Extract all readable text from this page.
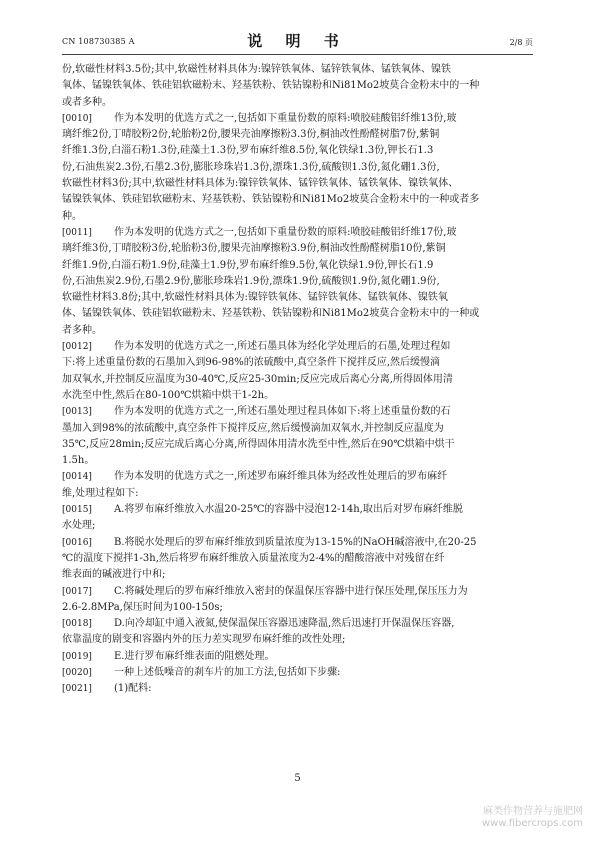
CN 108730385 A	说 明 书	2/8 页
份,软磁性材料3.5份;其中,软磁性材料具体为:镍锌铁氧体、锰锌铁氧体、锰铁氧体、镍铁
氧体、锰镍铁氧体、铁硅铝软磁粉末、羟基铁粉、铁钴镍粉和Ni81Mo2坡莫合金粉末中的一种
或者多种。
[0010]	作为本发明的优选方式之一,包括如下重量份数的原料:喷胶硅酸铝纤维13份,玻
璃纤维2份,丁晴胶粉2份,轮胎粉2份,腰果壳油摩擦粉3.3份,桐油改性酚醛树脂7份,紫铜
纤维1.3份,白淄石粉1.3份,硅藻土1.3份,罗布麻纤维8.5份,氧化铁绿1.3份,钾长石1.3
份,石油焦炭2.3份,石墨2.3份,膨胀珍珠岩1.3份,漂珠1.3份,硫酸钡1.3份,氮化硼1.3份,
软磁性材料3份;其中,软磁性材料具体为:镍锌铁氧体、锰锌铁氧体、锰铁氧体、镍铁氧体、
锰镍铁氧体、铁硅铝软磁粉末、羟基铁粉、铁钴镍粉和Ni81Mo2坡莫合金粉末中的一种或者多
种。
[0011]	作为本发明的优选方式之一,包括如下重量份数的原料:喷胶硅酸铝纤维17份,玻
璃纤维3份,丁晴胶粉3份,轮胎粉3份,腰果壳油摩擦粉3.9份,桐油改性酚醛树脂10份,紫铜
纤维1.9份,白淄石粉1.9份,硅藻土1.9份,罗布麻纤维9.5份,氧化铁绿1.9份,钾长石1.9
份,石油焦炭2.9份,石墨2.9份,膨胀珍珠岩1.9份,漂珠1.9份,硫酸钡1.9份,氮化硼1.9份,
软磁性材料3.8份;其中,软磁性材料具体为:镍锌铁氧体、锰锌铁氧体、锰铁氧体、镍铁氧
体、锰镍铁氧体、铁硅铝软磁粉末、羟基铁粉、铁钴镍粉和Ni81Mo2坡莫合金粉末中的一种或
者多种。
[0012]	作为本发明的优选方式之一,所述石墨具体为经化学处理后的石墨,处理过程如
下:将上述重量份数的石墨加入到96-98%的浓硫酸中,真空条件下搅拌反应,然后缓慢滴
加双氧水,并控制反应温度为30-40℃,反应25-30min;反应完成后离心分离,所得固体用清
水洗至中性,然后在80-100℃烘箱中烘干1-2h。
[0013]	作为本发明的优选方式之一,所述石墨处理过程具体如下:将上述重量份数的石
墨加入到98%的浓硫酸中,真空条件下搅拌反应,然后缓慢滴加双氧水,并控制反应温度为
35℃,反应28min;反应完成后离心分离,所得固体用清水洗至中性,然后在90℃烘箱中烘干
1.5h。
[0014]	作为本发明的优选方式之一,所述罗布麻纤维具体为经改性处理后的罗布麻纤
维,处理过程如下:
[0015]	A.将罗布麻纤维放入水温20-25℃的容器中浸泡12-14h,取出后对罗布麻纤维脱
水处理;
[0016]	B.将脱水处理后的罗布麻纤维放到质量浓度为13-15%的NaOH碱溶液中,在20-25
℃的温度下搅拌1-3h,然后将罗布麻纤维放入质量浓度为2-4%的醋酸溶液中对残留在纤
维表面的碱液进行中和;
[0017]	C.将碱处理后的罗布麻纤维放入密封的保温保压容器中进行保压处理,保压压力为
2.6-2.8MPa,保压时间为100-150s;
[0018]	D.向冷却缸中通入液氮,使保温保压容器迅速降温,然后迅速打开保温保压容器,
依靠温度的剧变和容器内外的压力差实现罗布麻纤维的改性处理;
[0019]	E.进行罗布麻纤维表面的阻燃处理。
[0020]	一种上述低噪音的刹车片的加工方法,包括如下步骤:
[0021]	(1)配料:
5
麻类作物营养与施肥网
www.fibercrops.com
